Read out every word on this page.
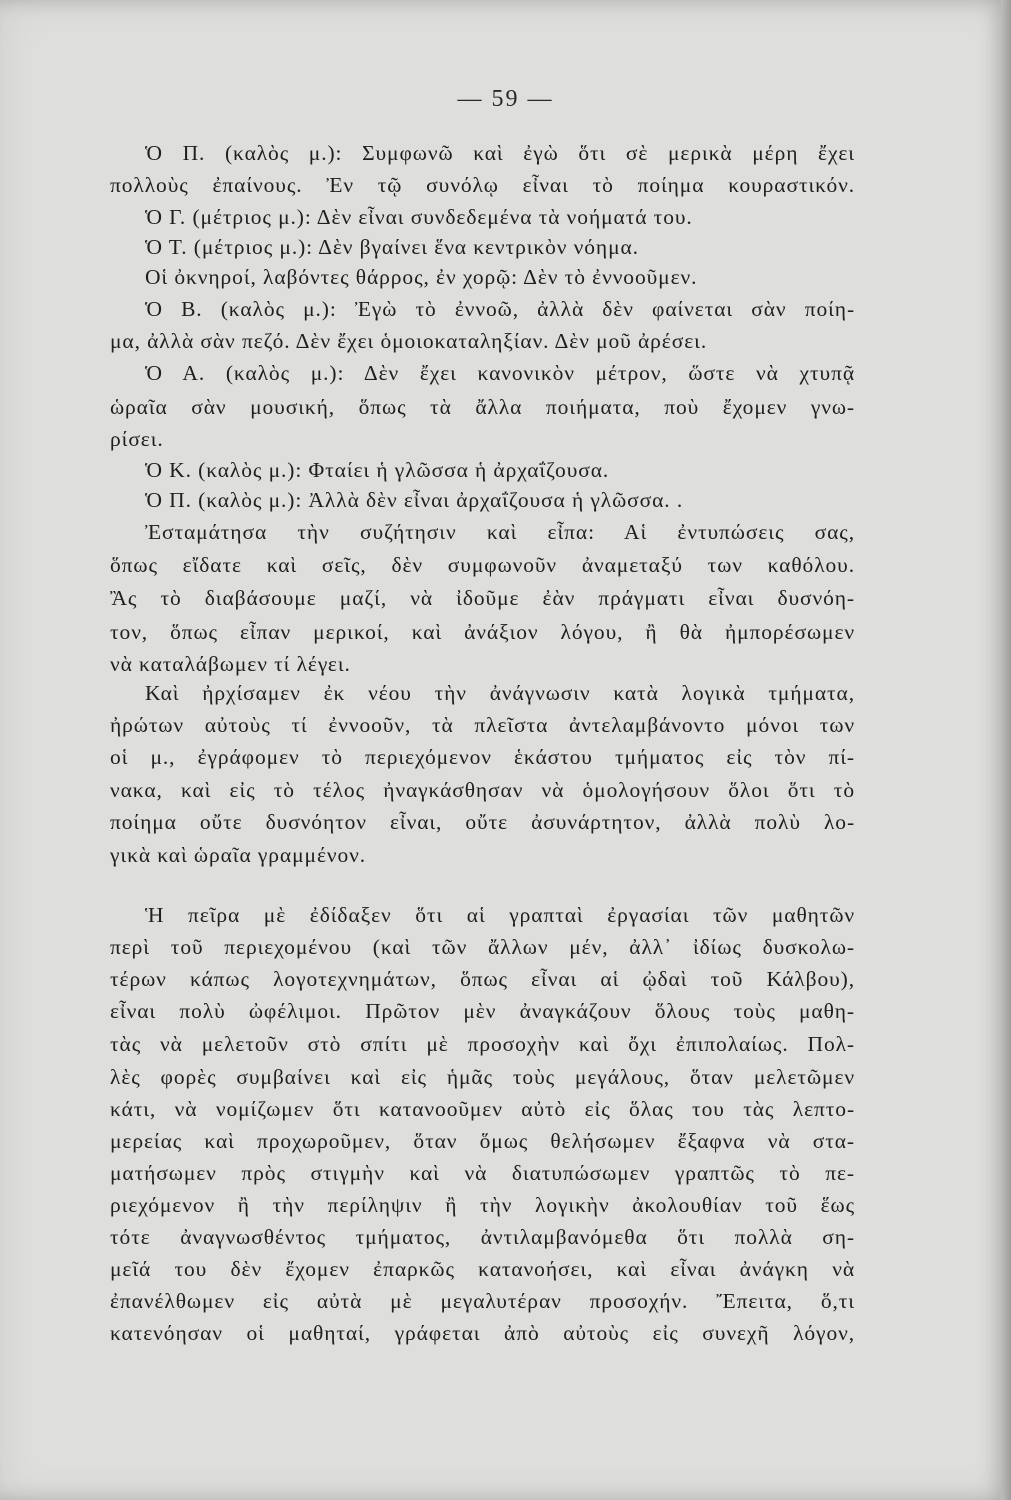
— 59 —
Ὁ Π. (καλὸς μ.): Συμφωνῶ καὶ ἐγὼ ὅτι σὲ μερικὰ μέρη ἔχει
πολλοὺς ἐπαίνους. Ἐν τῷ συνόλῳ εἶναι τὸ ποίημα κουραστικόν.
Ὁ Γ. (μέτριος μ.): Δὲν εἶναι συνδεδεμένα τὰ νοήματά του.
Ὁ Τ. (μέτριος μ.): Δὲν βγαίνει ἕνα κεντρικὸν νόημα.
Οἱ ὀκνηροί, λαβόντες θάρρος, ἐν χορῷ: Δὲν τὸ ἐννοοῦμεν.
Ὁ Β. (καλὸς μ.): Ἐγὼ τὸ ἐννοῶ, ἀλλὰ δὲν φαίνεται σὰν ποίη-
μα, ἀλλὰ σὰν πεζό. Δὲν ἔχει ὁμοιοκαταληξίαν. Δὲν μοῦ ἀρέσει.
Ὁ Α. (καλὸς μ.): Δὲν ἔχει κανονικὸν μέτρον, ὥστε νὰ χτυπᾷ
ὡραῖα σὰν μουσική, ὅπως τὰ ἄλλα ποιήματα, ποὺ ἔχομεν γνω-
ρίσει.
Ὁ Κ. (καλὸς μ.): Φταίει ἡ γλῶσσα ἡ ἀρχαΐζουσα.
Ὁ Π. (καλὸς μ.): Ἀλλὰ δὲν εἶναι ἀρχαΐζουσα ἡ γλῶσσα. .
Ἐσταμάτησα τὴν συζήτησιν καὶ εἶπα: Αἱ ἐντυπώσεις σας,
ὅπως εἴδατε καὶ σεῖς, δὲν συμφωνοῦν ἀναμεταξύ των καθόλου.
Ἂς τὸ διαβάσουμε μαζί, νὰ ἰδοῦμε ἐὰν πράγματι εἶναι δυσνόη-
τον, ὅπως εἶπαν μερικοί, καὶ ἀνάξιον λόγου, ἢ θὰ ἠμπορέσωμεν
νὰ καταλάβωμεν τί λέγει.
Καὶ ἠρχίσαμεν ἐκ νέου τὴν ἀνάγνωσιν κατὰ λογικὰ τμήματα,
ἠρώτων αὐτοὺς τί ἐννοοῦν, τὰ πλεῖστα ἀντελαμβάνοντο μόνοι των
οἱ μ., ἐγράφομεν τὸ περιεχόμενον ἑκάστου τμήματος εἰς τὸν πί-
νακα, καὶ εἰς τὸ τέλος ἠναγκάσθησαν νὰ ὁμολογήσουν ὅλοι ὅτι τὸ
ποίημα οὔτε δυσνόητον εἶναι, οὔτε ἀσυνάρτητον, ἀλλὰ πολὺ λο-
γικὰ καὶ ὡραῖα γραμμένον.
Ἡ πεῖρα μὲ ἐδίδαξεν ὅτι αἱ γραπταὶ ἐργασίαι τῶν μαθητῶν
περὶ τοῦ περιεχομένου (καὶ τῶν ἄλλων μέν, ἀλλ᾽ ἰδίως δυσκολω-
τέρων κάπως λογοτεχνημάτων, ὅπως εἶναι αἱ ᾠδαὶ τοῦ Κάλβου),
εἶναι πολὺ ὠφέλιμοι. Πρῶτον μὲν ἀναγκάζουν ὅλους τοὺς μαθη-
τὰς νὰ μελετοῦν στὸ σπίτι μὲ προσοχὴν καὶ ὄχι ἐπιπολαίως. Πολ-
λὲς φορὲς συμβαίνει καὶ εἰς ἡμᾶς τοὺς μεγάλους, ὅταν μελετῶμεν
κάτι, νὰ νομίζωμεν ὅτι κατανοοῦμεν αὐτὸ εἰς ὅλας του τὰς λεπτο-
μερείας καὶ προχωροῦμεν, ὅταν ὅμως θελήσωμεν ἔξαφνα νὰ στα-
ματήσωμεν πρὸς στιγμὴν καὶ νὰ διατυπώσωμεν γραπτῶς τὸ πε-
ριεχόμενον ἢ τὴν περίληψιν ἢ τὴν λογικὴν ἀκολουθίαν τοῦ ἕως
τότε ἀναγνωσθέντος τμήματος, ἀντιλαμβανόμεθα ὅτι πολλὰ ση-
μεῖά του δὲν ἔχομεν ἐπαρκῶς κατανοήσει, καὶ εἶναι ἀνάγκη νὰ
ἐπανέλθωμεν εἰς αὐτὰ μὲ μεγαλυτέραν προσοχήν. Ἔπειτα, ὅ,τι
κατενόησαν οἱ μαθηταί, γράφεται ἀπὸ αὐτοὺς εἰς συνεχῆ λόγον,
